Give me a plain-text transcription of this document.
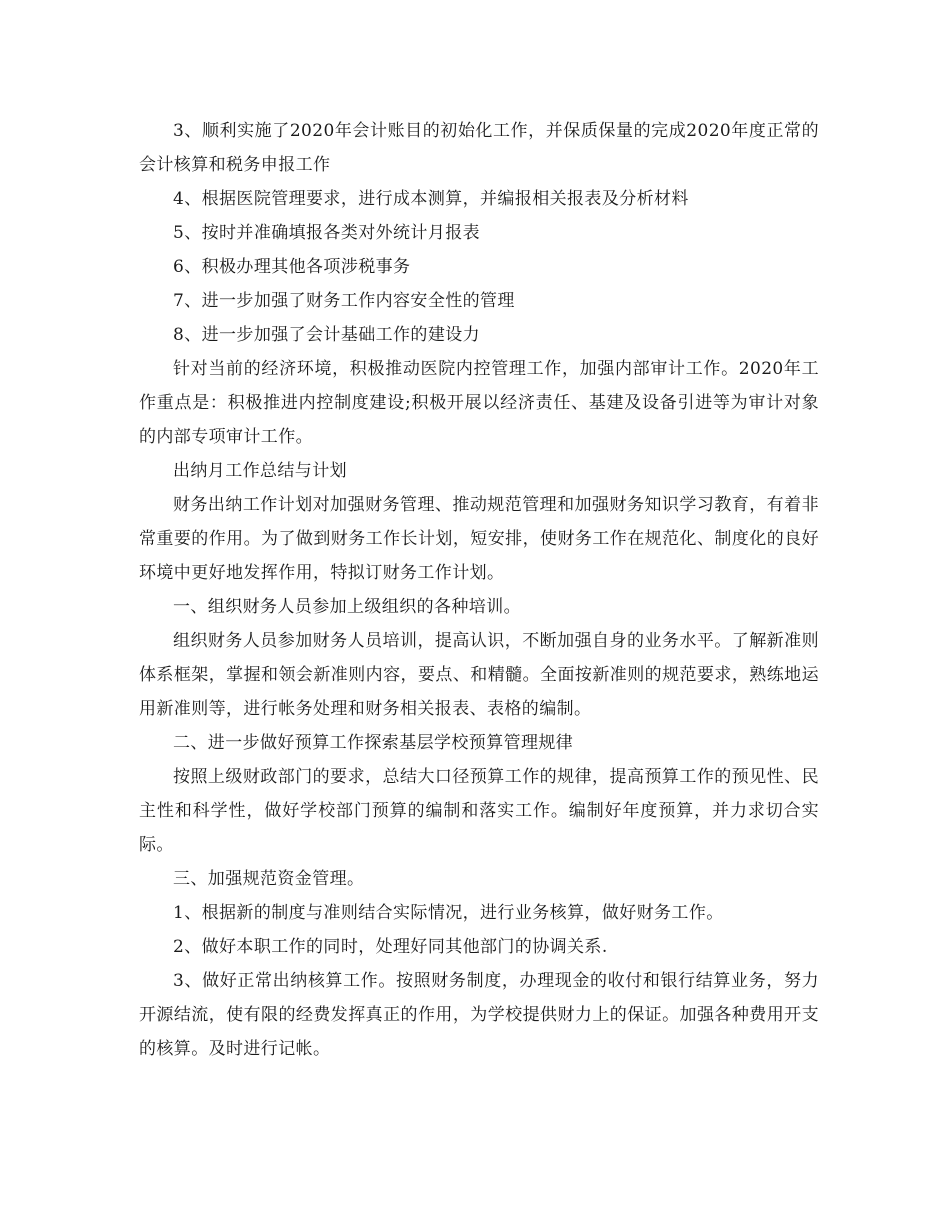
3、顺利实施了2020年会计账目的初始化工作，并保质保量的完成2020年度正常的会计核算和税务申报工作

4、根据医院管理要求，进行成本测算，并编报相关报表及分析材料

5、按时并准确填报各类对外统计月报表

6、积极办理其他各项涉税事务

7、进一步加强了财务工作内容安全性的管理

8、进一步加强了会计基础工作的建设力

针对当前的经济环境，积极推动医院内控管理工作，加强内部审计工作。2020年工作重点是：积极推进内控制度建设;积极开展以经济责任、基建及设备引进等为审计对象的内部专项审计工作。

出纳月工作总结与计划

财务出纳工作计划对加强财务管理、推动规范管理和加强财务知识学习教育，有着非常重要的作用。为了做到财务工作长计划，短安排，使财务工作在规范化、制度化的良好环境中更好地发挥作用，特拟订财务工作计划。

一、组织财务人员参加上级组织的各种培训。

组织财务人员参加财务人员培训，提高认识，不断加强自身的业务水平。了解新准则体系框架，掌握和领会新准则内容，要点、和精髓。全面按新准则的规范要求，熟练地运用新准则等，进行帐务处理和财务相关报表、表格的编制。

二、进一步做好预算工作探索基层学校预算管理规律

按照上级财政部门的要求，总结大口径预算工作的规律，提高预算工作的预见性、民主性和科学性，做好学校部门预算的编制和落实工作。编制好年度预算，并力求切合实际。

三、加强规范资金管理。

1、根据新的制度与准则结合实际情况，进行业务核算，做好财务工作。

2、做好本职工作的同时，处理好同其他部门的协调关系.

3、做好正常出纳核算工作。按照财务制度，办理现金的收付和银行结算业务，努力开源结流，使有限的经费发挥真正的作用，为学校提供财力上的保证。加强各种费用开支的核算。及时进行记帐。
